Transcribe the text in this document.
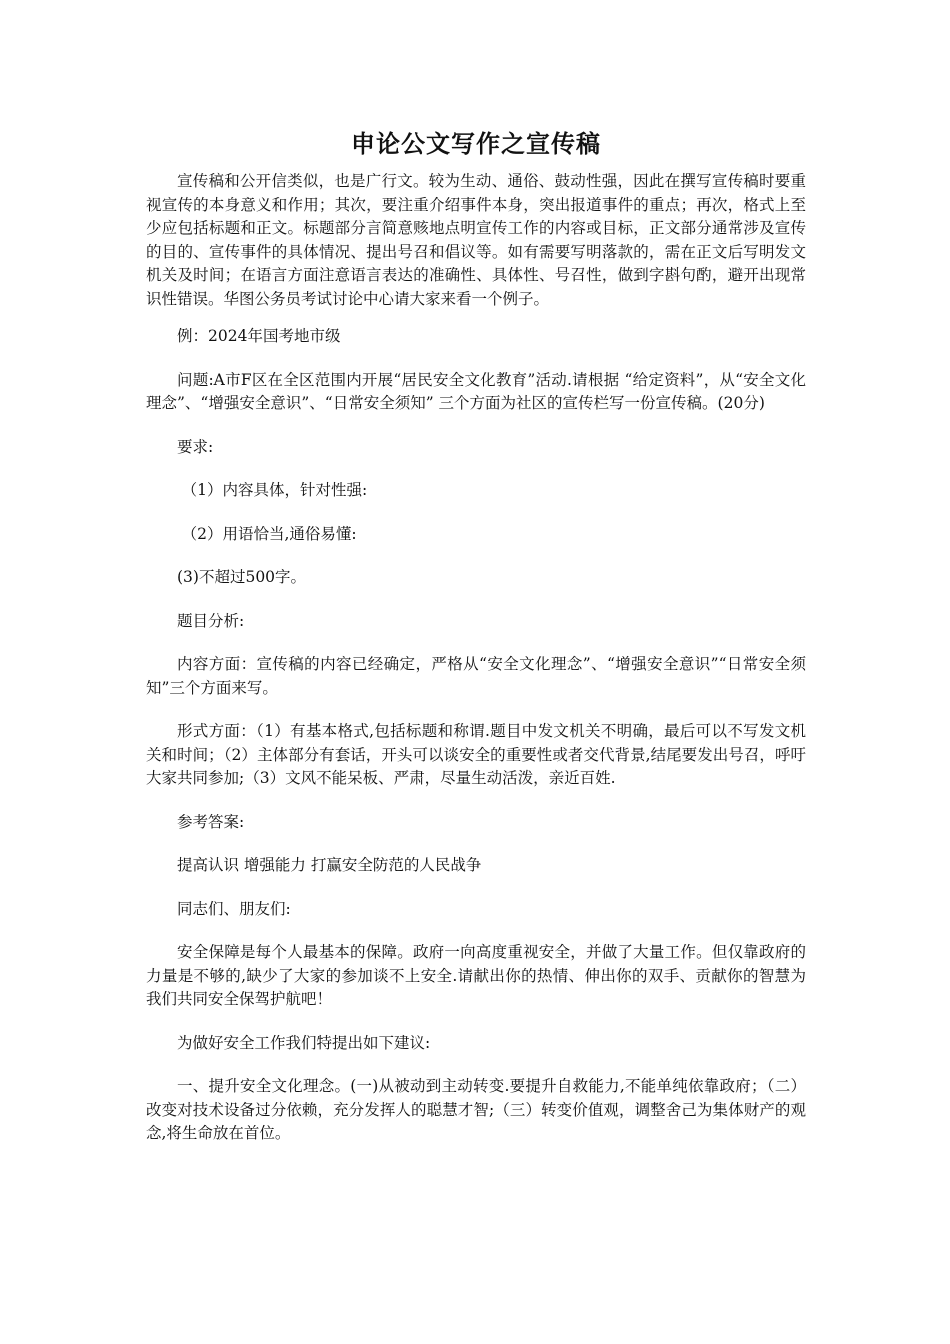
申论公文写作之宣传稿

宣传稿和公开信类似，也是广行文。较为生动、通俗、鼓动性强，因此在撰写宣传稿时要重视宣传的本身意义和作用；其次，要注重介绍事件本身，突出报道事件的重点；再次，格式上至少应包括标题和正文。标题部分言简意赅地点明宣传工作的内容或目标，正文部分通常涉及宣传的目的、宣传事件的具体情况、提出号召和倡议等。如有需要写明落款的，需在正文后写明发文机关及时间；在语言方面注意语言表达的准确性、具体性、号召性，做到字斟句酌，避开出现常识性错误。华图公务员考试讨论中心请大家来看一个例子。

例：2024年国考地市级

问题:A市F区在全区范围内开展“居民安全文化教育”活动.请根据 “给定资料”，从“安全文化理念”、“增强安全意识”、“日常安全须知” 三个方面为社区的宣传栏写一份宣传稿。(20分)

要求:

（1）内容具体，针对性强:

（2）用语恰当,通俗易懂:

(3)不超过500字。

题目分析:

内容方面：宣传稿的内容已经确定，严格从“安全文化理念”、“增强安全意识”“日常安全须知”三个方面来写。

形式方面：（1）有基本格式,包括标题和称谓.题目中发文机关不明确，最后可以不写发文机关和时间；（2）主体部分有套话，开头可以谈安全的重要性或者交代背景,结尾要发出号召，呼吁大家共同参加;（3）文风不能呆板、严肃，尽量生动活泼，亲近百姓.

参考答案:

提高认识 增强能力 打赢安全防范的人民战争

同志们、朋友们:

安全保障是每个人最基本的保障。政府一向高度重视安全，并做了大量工作。但仅靠政府的力量是不够的,缺少了大家的参加谈不上安全.请献出你的热情、伸出你的双手、贡献你的智慧为我们共同安全保驾护航吧！

为做好安全工作我们特提出如下建议:

一、提升安全文化理念。(一)从被动到主动转变.要提升自救能力,不能单纯依靠政府；（二）改变对技术设备过分依赖，充分发挥人的聪慧才智;（三）转变价值观，调整舍己为集体财产的观念,将生命放在首位。
